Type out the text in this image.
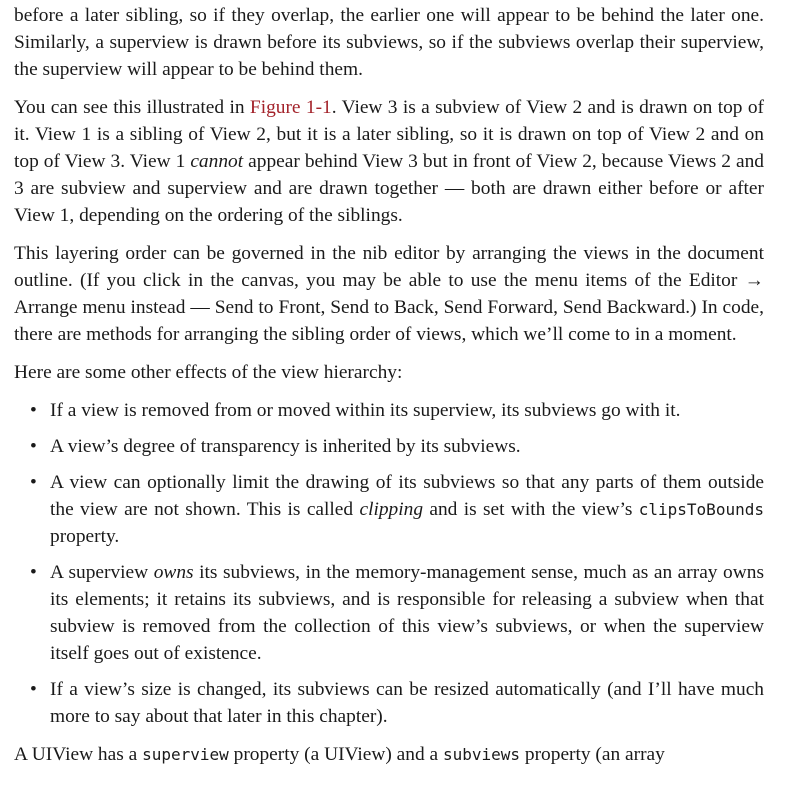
before a later sibling, so if they overlap, the earlier one will appear to be behind the later one. Similarly, a superview is drawn before its subviews, so if the subviews overlap their superview, the superview will appear to be behind them.

You can see this illustrated in Figure 1-1. View 3 is a subview of View 2 and is drawn on top of it. View 1 is a sibling of View 2, but it is a later sibling, so it is drawn on top of View 2 and on top of View 3. View 1 cannot appear behind View 3 but in front of View 2, because Views 2 and 3 are subview and superview and are drawn together — both are drawn either before or after View 1, depending on the ordering of the siblings.

This layering order can be governed in the nib editor by arranging the views in the document outline. (If you click in the canvas, you may be able to use the menu items of the Editor → Arrange menu instead — Send to Front, Send to Back, Send Forward, Send Backward.) In code, there are methods for arranging the sibling order of views, which we’ll come to in a moment.

Here are some other effects of the view hierarchy:

• If a view is removed from or moved within its superview, its subviews go with it.
• A view’s degree of transparency is inherited by its subviews.
• A view can optionally limit the drawing of its subviews so that any parts of them outside the view are not shown. This is called clipping and is set with the view’s clipsToBounds property.
• A superview owns its subviews, in the memory-management sense, much as an array owns its elements; it retains its subviews, and is responsible for releasing a subview when that subview is removed from the collection of this view’s subviews, or when the superview itself goes out of existence.
• If a view’s size is changed, its subviews can be resized automatically (and I’ll have much more to say about that later in this chapter).

A UIView has a superview property (a UIView) and a subviews property (an array
